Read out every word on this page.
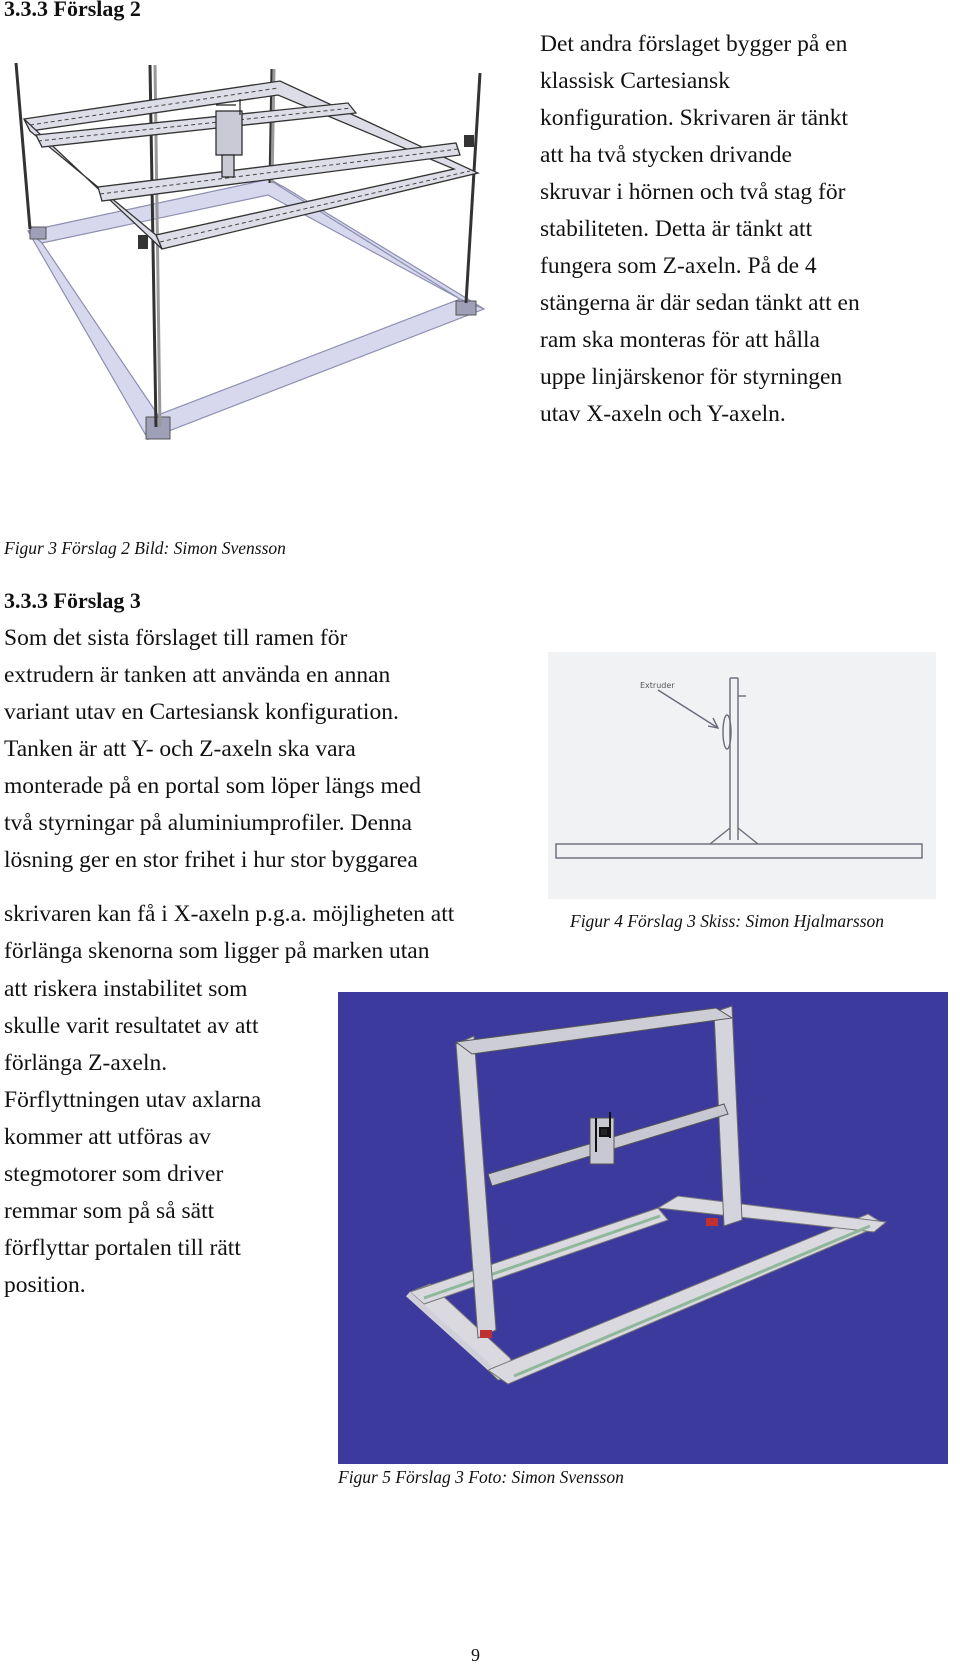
3.3.3 Förslag 2
Det andra förslaget bygger på en
klassisk Cartesiansk
konfiguration. Skrivaren är tänkt
att ha två stycken drivande
skruvar i hörnen och två stag för
stabiliteten. Detta är tänkt att
fungera som Z-axeln. På de 4
stängerna är där sedan tänkt att en
ram ska monteras för att hålla
uppe linjärskenor för styrningen
utav X-axeln och Y-axeln.
Figur 3 Förslag 2 Bild: Simon Svensson
3.3.3 Förslag 3
Som det sista förslaget till ramen för
extrudern är tanken att använda en annan
variant utav en Cartesiansk konfiguration.
Tanken är att Y- och Z-axeln ska vara
monterade på en portal som löper längs med
två styrningar på aluminiumprofiler. Denna
lösning ger en stor frihet i hur stor byggarea
Extruder
skrivaren kan få i X-axeln p.g.a. möjligheten att
förlänga skenorna som ligger på marken utan
Figur 4 Förslag 3 Skiss: Simon Hjalmarsson
att riskera instabilitet som
skulle varit resultatet av att
förlänga Z-axeln.
Förflyttningen utav axlarna
kommer att utföras av
stegmotorer som driver
remmar som på så sätt
förflyttar portalen till rätt
position.
Figur 5 Förslag 3 Foto: Simon Svensson
9
